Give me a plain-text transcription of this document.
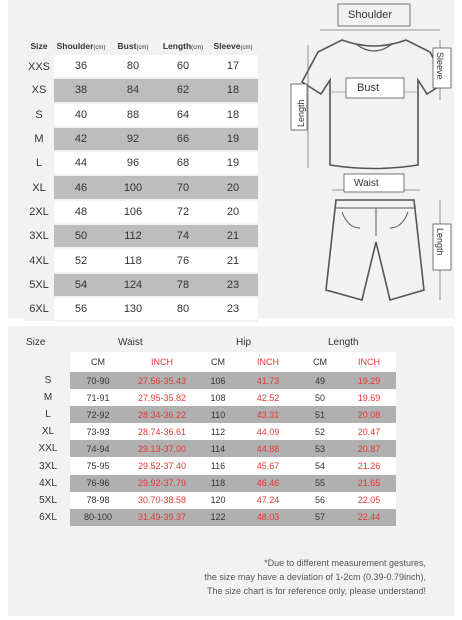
Size	Shoulder(cm)	Bust(cm)	Length(cm)	Sleeve(cm)
XXS	36	80	60	17
XS	38	84	62	18
S	40	88	64	18
M	42	92	66	19
L	44	96	68	19
XL	46	100	70	20
2XL	48	106	72	20
3XL	50	112	74	21
4XL	52	118	76	21
5XL	54	124	78	23
6XL	56	130	80	23
Shoulder
Bust
Sleeve
Length
Waist
Length
Size	Waist		Hip		Length	
	CM	INCH	CM	INCH	CM	INCH
S	70-90	27.56-35.43	106	41.73	49	19.29
M	71-91	27.95-35.82	108	42.52	50	19.69
L	72-92	28.34-36.22	110	43.31	51	20.08
XL	73-93	28.74-36.61	112	44.09	52	20.47
XXL	74-94	29.13-37.00	114	44.88	53	20.87
3XL	75-95	29.52-37.40	116	45.67	54	21.26
4XL	76-96	29.92-37.79	118	46.46	55	21.65
5XL	78-98	30.70-38.58	120	47.24	56	22.05
6XL	80-100	31.49-39.37	122	48.03	57	22.44
*Due to different measurement gestures,
the size may have a deviation of 1-2cm (0.39-0.79inch),
The size chart is for reference only, please understand!
